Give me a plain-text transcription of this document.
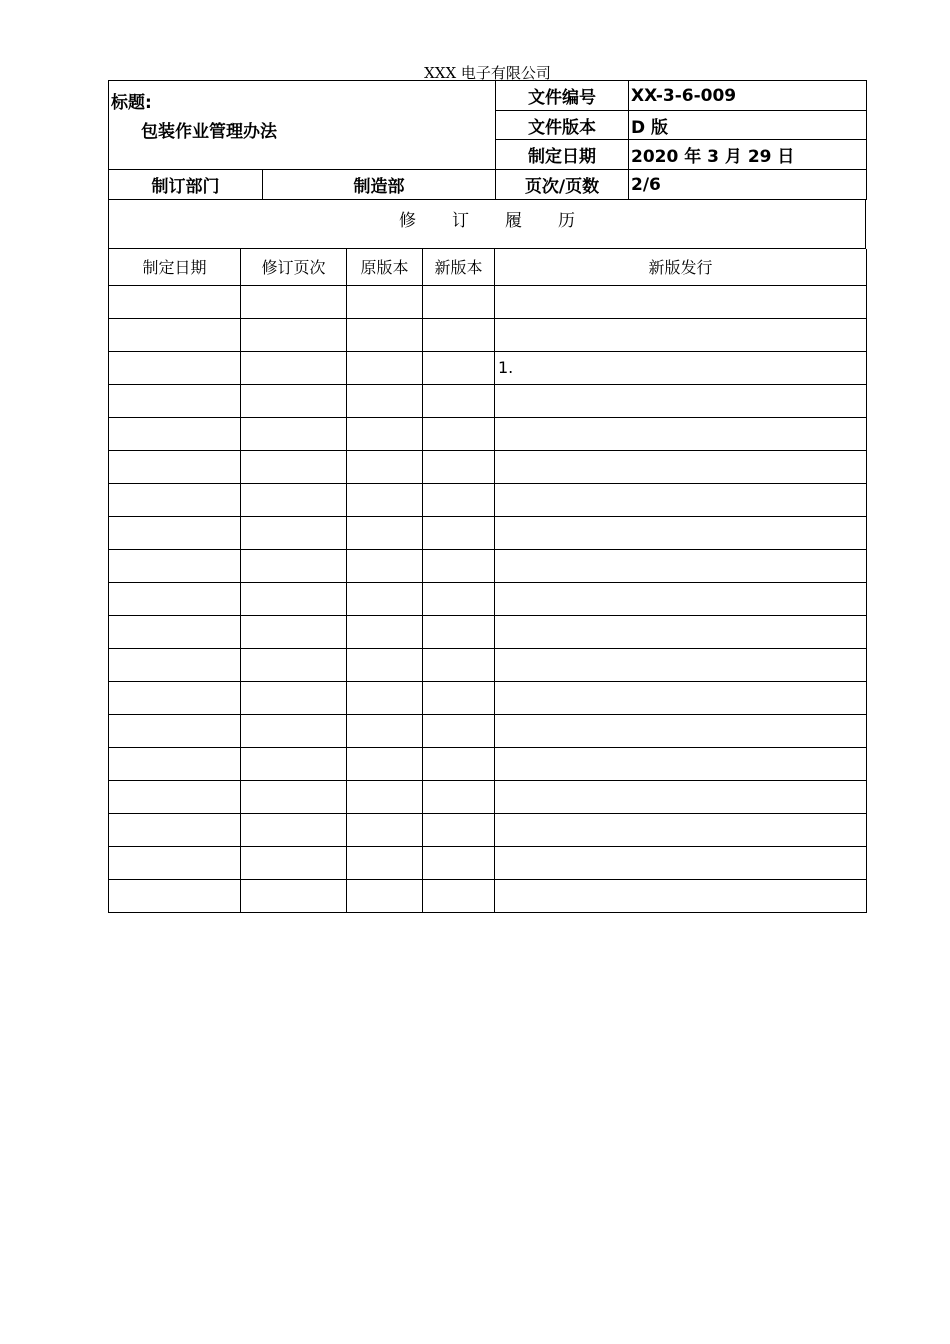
XXX 电子有限公司
标题:
包装作业管理办法		文件编号	XX-3-6-009
		文件版本	D 版
		制定日期	2020 年 3 月 29 日
制订部门	制造部	页次/页数	2/6
修订履历
制定日期	修订页次	原版本	新版本	新版发行

				1.
